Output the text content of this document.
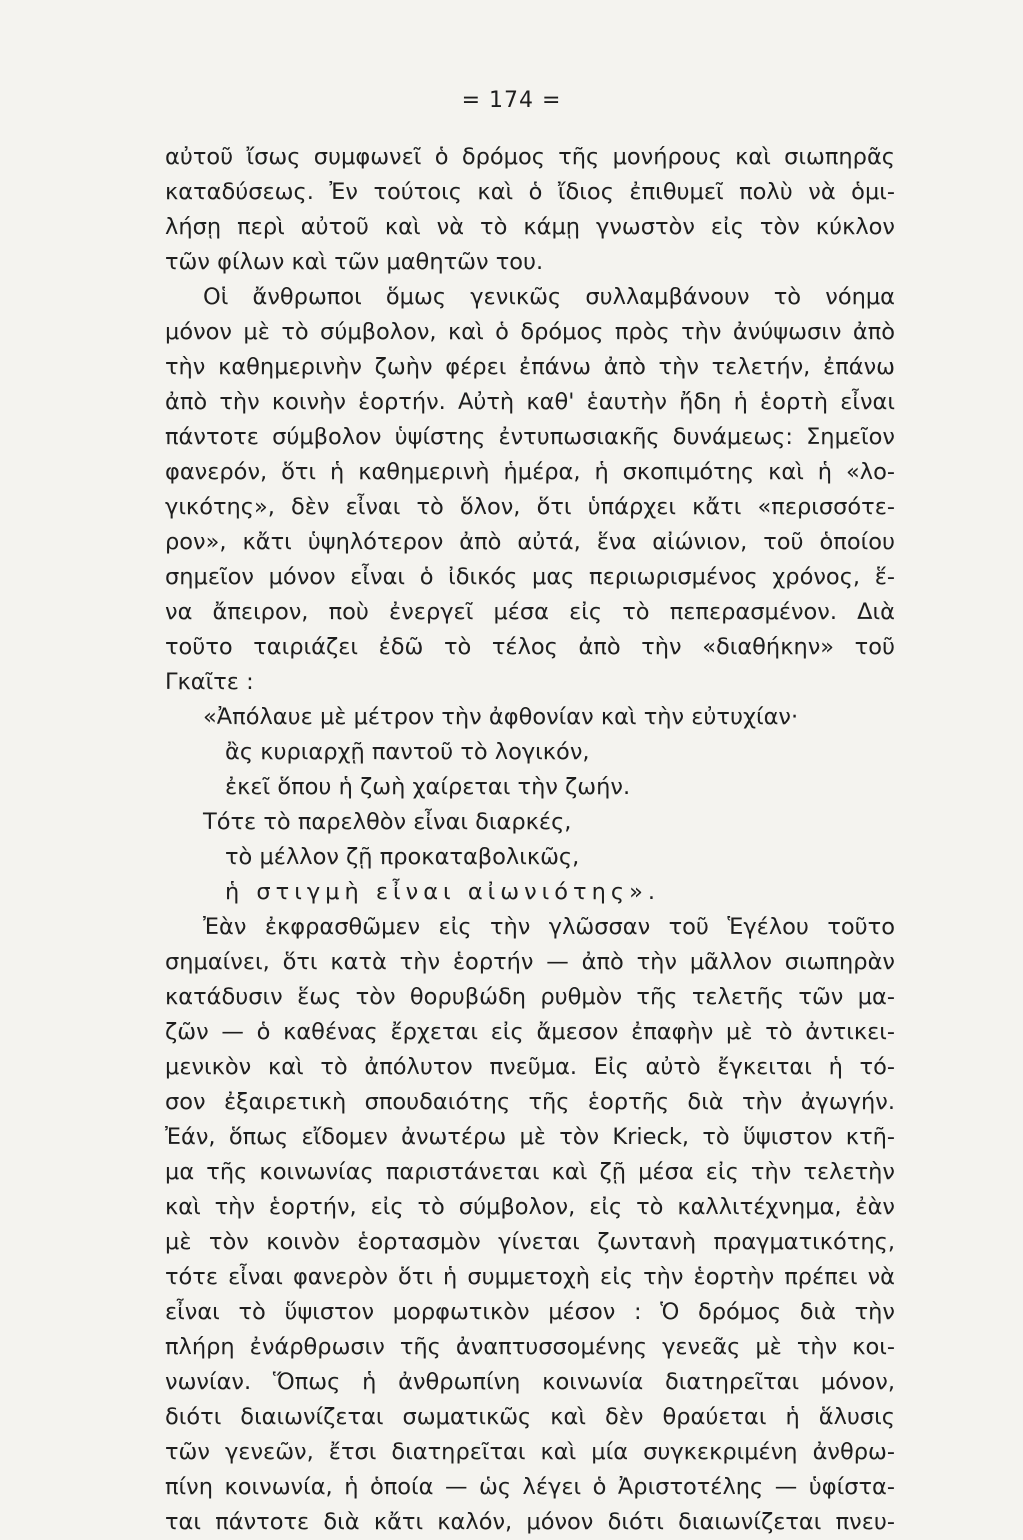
= 174 =
αὐτοῦ ἴσως συμφωνεῖ ὁ δρόμος τῆς μονήρους καὶ σιωπηρᾶς
καταδύσεως. Ἐν τούτοις καὶ ὁ ἴδιος ἐπιθυμεῖ πολὺ νὰ ὁμι-
λήσῃ περὶ αὐτοῦ καὶ νὰ τὸ κάμῃ γνωστὸν εἰς τὸν κύκλον
τῶν φίλων καὶ τῶν μαθητῶν του.
Οἱ ἄνθρωποι ὅμως γενικῶς συλλαμβάνουν τὸ νόημα
μόνον μὲ τὸ σύμβολον, καὶ ὁ δρόμος πρὸς τὴν ἀνύψωσιν ἀπὸ
τὴν καθημερινὴν ζωὴν φέρει ἐπάνω ἀπὸ τὴν τελετήν, ἐπάνω
ἀπὸ τὴν κοινὴν ἑορτήν. Αὐτὴ καθ' ἑαυτὴν ἤδη ἡ ἑορτὴ εἶναι
πάντοτε σύμβολον ὑψίστης ἐντυπωσιακῆς δυνάμεως: Σημεῖον
φανερόν, ὅτι ἡ καθημερινὴ ἡμέρα, ἡ σκοπιμότης καὶ ἡ «λο-
γικότης», δὲν εἶναι τὸ ὅλον, ὅτι ὑπάρχει κἄτι «περισσότε-
ρον», κἄτι ὑψηλότερον ἀπὸ αὐτά, ἕνα αἰώνιον, τοῦ ὁποίου
σημεῖον μόνον εἶναι ὁ ἰδικός μας περιωρισμένος χρόνος, ἕ-
να ἄπειρον, ποὺ ἐνεργεῖ μέσα εἰς τὸ πεπερασμένον. Διὰ
τοῦτο ταιριάζει ἐδῶ τὸ τέλος ἀπὸ τὴν «διαθήκην» τοῦ
Γκαῖτε :
«Ἀπόλαυε μὲ μέτρον τὴν ἀφθονίαν καὶ τὴν εὐτυχίαν·
ἂς κυριαρχῇ παντοῦ τὸ λογικόν,
ἐκεῖ ὅπου ἡ ζωὴ χαίρεται τὴν ζωήν.
Τότε τὸ παρελθὸν εἶναι διαρκές,
τὸ μέλλον ζῇ προκαταβολικῶς,
ἡ στιγμὴ εἶναι αἰωνιότης».
Ἐὰν ἐκφρασθῶμεν εἰς τὴν γλῶσσαν τοῦ Ἑγέλου τοῦτο
σημαίνει, ὅτι κατὰ τὴν ἑορτήν — ἀπὸ τὴν μᾶλλον σιωπηρὰν
κατάδυσιν ἕως τὸν θορυβώδη ρυθμὸν τῆς τελετῆς τῶν μα-
ζῶν — ὁ καθένας ἔρχεται εἰς ἄμεσον ἐπαφὴν μὲ τὸ ἀντικει-
μενικὸν καὶ τὸ ἀπόλυτον πνεῦμα. Εἰς αὐτὸ ἔγκειται ἡ τό-
σον ἐξαιρετικὴ σπουδαιότης τῆς ἑορτῆς διὰ τὴν ἀγωγήν.
Ἐάν, ὅπως εἴδομεν ἀνωτέρω μὲ τὸν Krieck, τὸ ὕψιστον κτῆ-
μα τῆς κοινωνίας παριστάνεται καὶ ζῇ μέσα εἰς τὴν τελετὴν
καὶ τὴν ἑορτήν, εἰς τὸ σύμβολον, εἰς τὸ καλλιτέχνημα, ἐὰν
μὲ τὸν κοινὸν ἑορτασμὸν γίνεται ζωντανὴ πραγματικότης,
τότε εἶναι φανερὸν ὅτι ἡ συμμετοχὴ εἰς τὴν ἑορτὴν πρέπει νὰ
εἶναι τὸ ὕψιστον μορφωτικὸν μέσον : Ὁ δρόμος διὰ τὴν
πλήρη ἐνάρθρωσιν τῆς ἀναπτυσσομένης γενεᾶς μὲ τὴν κοι-
νωνίαν. Ὅπως ἡ ἀνθρωπίνη κοινωνία διατηρεῖται μόνον,
διότι διαιωνίζεται σωματικῶς καὶ δὲν θραύεται ἡ ἅλυσις
τῶν γενεῶν, ἔτσι διατηρεῖται καὶ μία συγκεκριμένη ἀνθρω-
πίνη κοινωνία, ἡ ὁποία — ὡς λέγει ὁ Ἀριστοτέλης — ὑφίστα-
ται πάντοτε διὰ κἄτι καλόν, μόνον διότι διαιωνίζεται πνευ-
